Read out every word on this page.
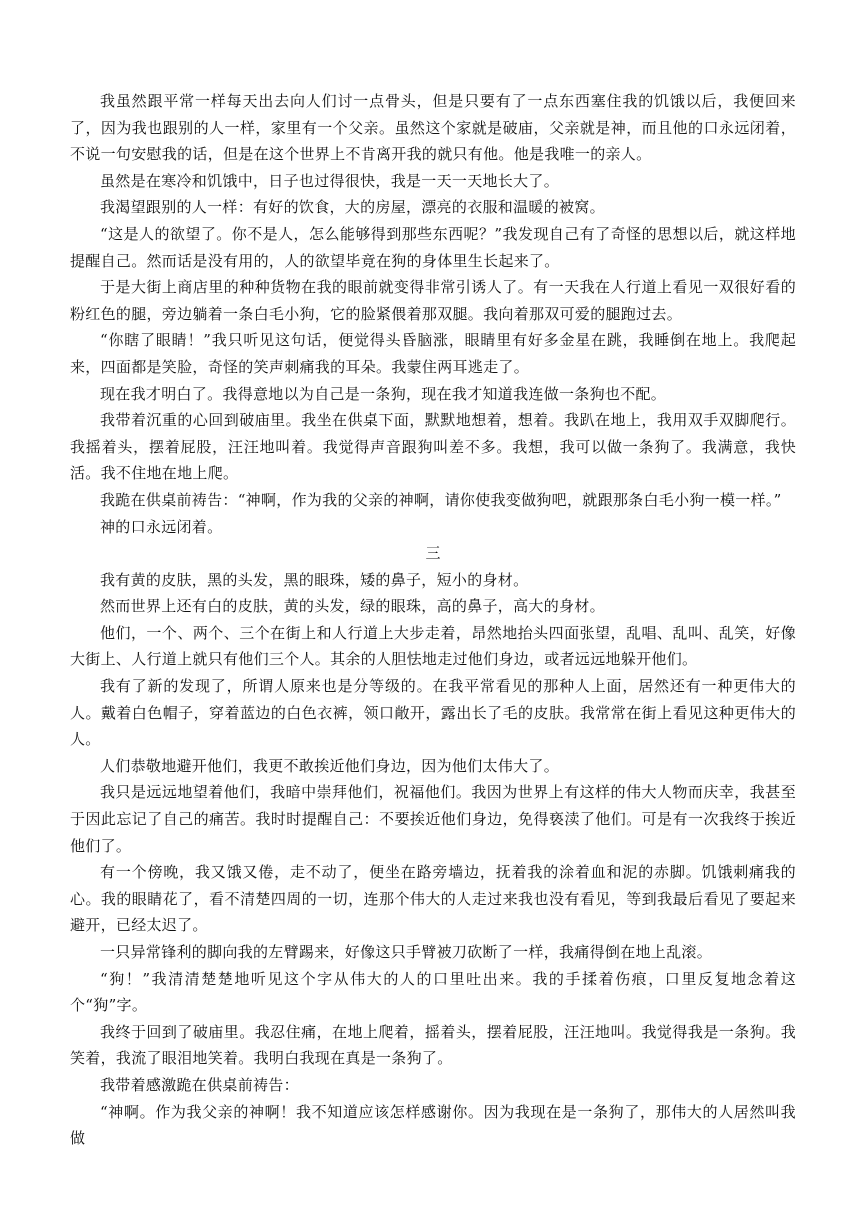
我虽然跟平常一样每天出去向人们讨一点骨头，但是只要有了一点东西塞住我的饥饿以后，我便回来了，因为我也跟别的人一样，家里有一个父亲。虽然这个家就是破庙，父亲就是神，而且他的口永远闭着，不说一句安慰我的话，但是在这个世界上不肯离开我的就只有他。他是我唯一的亲人。

虽然是在寒冷和饥饿中，日子也过得很快，我是一天一天地长大了。

我渴望跟别的人一样：有好的饮食，大的房屋，漂亮的衣服和温暖的被窝。

“这是人的欲望了。你不是人，怎么能够得到那些东西呢？”我发现自己有了奇怪的思想以后，就这样地提醒自己。然而话是没有用的，人的欲望毕竟在狗的身体里生长起来了。

于是大街上商店里的种种货物在我的眼前就变得非常引诱人了。有一天我在人行道上看见一双很好看的粉红色的腿，旁边躺着一条白毛小狗，它的脸紧偎着那双腿。我向着那双可爱的腿跑过去。

“你瞎了眼睛！”我只听见这句话，便觉得头昏脑涨，眼睛里有好多金星在跳，我睡倒在地上。我爬起来，四面都是笑脸，奇怪的笑声刺痛我的耳朵。我蒙住两耳逃走了。

现在我才明白了。我得意地以为自己是一条狗，现在我才知道我连做一条狗也不配。

我带着沉重的心回到破庙里。我坐在供桌下面，默默地想着，想着。我趴在地上，我用双手双脚爬行。我摇着头，摆着屁股，汪汪地叫着。我觉得声音跟狗叫差不多。我想，我可以做一条狗了。我满意，我快活。我不住地在地上爬。

我跪在供桌前祷告：“神啊，作为我的父亲的神啊，请你使我变做狗吧，就跟那条白毛小狗一模一样。”

神的口永远闭着。

三

我有黄的皮肤，黑的头发，黑的眼珠，矮的鼻子，短小的身材。

然而世界上还有白的皮肤，黄的头发，绿的眼珠，高的鼻子，高大的身材。

他们，一个、两个、三个在街上和人行道上大步走着，昂然地抬头四面张望，乱唱、乱叫、乱笑，好像大街上、人行道上就只有他们三个人。其余的人胆怯地走过他们身边，或者远远地躲开他们。

我有了新的发现了，所谓人原来也是分等级的。在我平常看见的那种人上面，居然还有一种更伟大的人。戴着白色帽子，穿着蓝边的白色衣裤，领口敞开，露出长了毛的皮肤。我常常在街上看见这种更伟大的人。

人们恭敬地避开他们，我更不敢挨近他们身边，因为他们太伟大了。

我只是远远地望着他们，我暗中崇拜他们，祝福他们。我因为世界上有这样的伟大人物而庆幸，我甚至于因此忘记了自己的痛苦。我时时提醒自己：不要挨近他们身边，免得亵渎了他们。可是有一次我终于挨近他们了。

有一个傍晚，我又饿又倦，走不动了，便坐在路旁墙边，抚着我的涂着血和泥的赤脚。饥饿刺痛我的心。我的眼睛花了，看不清楚四周的一切，连那个伟大的人走过来我也没有看见，等到我最后看见了要起来避开，已经太迟了。

一只异常锋利的脚向我的左臂踢来，好像这只手臂被刀砍断了一样，我痛得倒在地上乱滚。

“狗！”我清清楚楚地听见这个字从伟大的人的口里吐出来。我的手揉着伤痕，口里反复地念着这个“狗”字。

我终于回到了破庙里。我忍住痛，在地上爬着，摇着头，摆着屁股，汪汪地叫。我觉得我是一条狗。我笑着，我流了眼泪地笑着。我明白我现在真是一条狗了。

我带着感激跪在供桌前祷告：

“神啊。作为我父亲的神啊！我不知道应该怎样感谢你。因为我现在是一条狗了，那伟大的人居然叫我做
